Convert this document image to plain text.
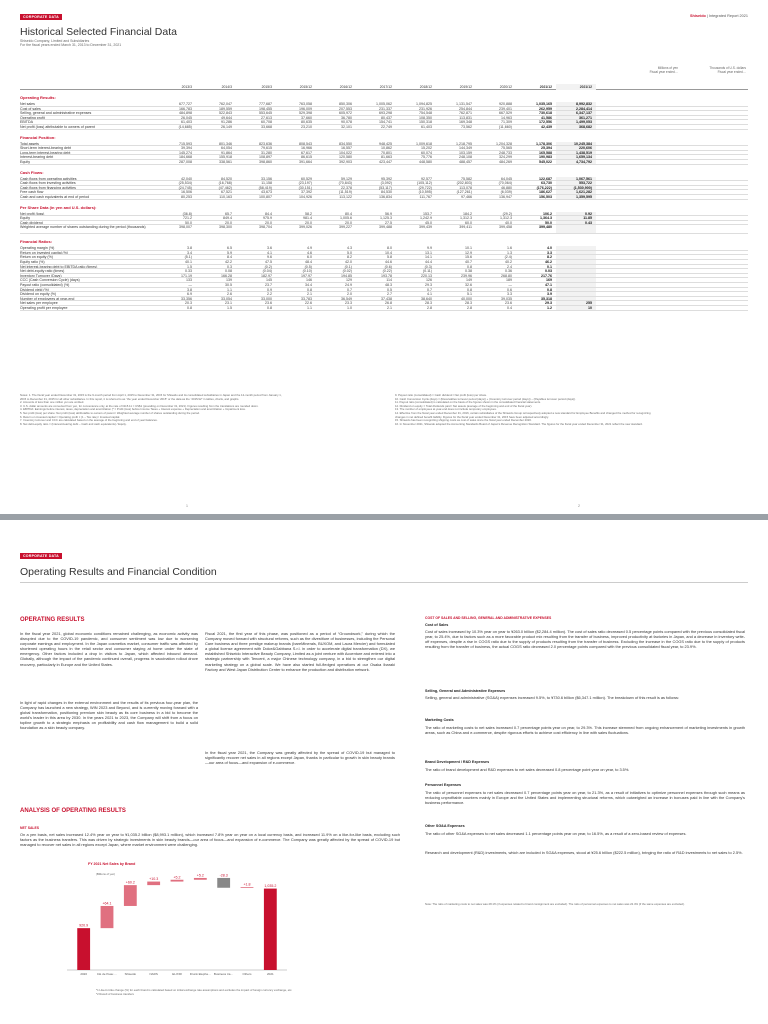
CORPORATE DATA	Shiseido | Integrated Report 2021
Historical Selected Financial Data
Shiseido Company, Limited and Subsidiaries
For the fiscal years ended March 31, 2013 to December 31, 2021
Millions of yen
Fiscal year ended…
Thousands of U.S. dollars
Fiscal year ended…
2013/3	2014/3	2015/3	2015/12	2016/12	2017/12	2018/12	2019/12	2020/12	2021/12	2021/12
Operating Results:
Net sales	677,727	762,047	777,687	763,058	850,306	1,005,062	1,094,825	1,131,547	920,888	1,035,165	8,992,832
Cost of sales	166,783	189,559	198,455	196,009	207,553	231,337	231,926	254,844	239,401	262,959	2,284,414
Selling, general and administrative expenses	484,898	522,843	553,645	529,398	605,972	693,298	754,548	762,871	667,529	730,618	6,347,137
Operating profit	26,045	49,644	27,613	37,660	36,780	80,437	108,350	113,831	14,963	41,586	361,271
EBITDA	61,403	91,286	60,708	80,635	90,078	154,741	150,318	169,348	71,309	172,556	1,499,053
Net profit (loss) attributable to owners of parent	(14,685)	26,149	33,668	23,210	32,101	22,749	61,403	73,562	(11,660)	42,439	368,682
Financial Position:
Total assets	715,593	801,346	823,636	808,543	834,550	948,425	1,009,618	1,218,795	1,204,328	1,178,306	10,245,384
Short-term interest-bearing debt	39,394	64,054	79,615	16,966	16,557	10,862	15,202	144,349	75,565	25,394	220,606
Long-term interest-bearing debt	145,274	91,864	31,280	67,617	104,022	70,801	60,074	103,159	248,733	165,588	1,438,519
Interest-bearing debt	184,668	155,918	108,897	86,615	120,580	81,663	75,776	248,108	324,299	190,983	1,659,134
Equity	287,008	338,561	398,860	391,664	392,903	423,447	448,580	488,457	484,269	545,022	4,734,792
Cash Flows:
Cash flows from operating activities	42,040	84,520	33,156	60,529	59,129	95,392	92,577	75,582	64,045	122,687	1,067,561
Cash flows from investing activities	(25,534)	(16,768)	11,158	(23,197)	(70,843)	(3,092)	(105,112)	(202,803)	(70,064)	63,730	553,722
Cash flows from financing activities	(24,745)	(47,462)	(58,419)	(30,151)	22,378	(53,117)	(29,722)	113,078	46,880	(176,222)	(1,530,900)
Free cash flow	16,506	67,521	43,673	37,392	(11,519)	84,530	(10,595)	(127,261)	(6,039)	186,627	1,621,282
Cash and cash equivalents at end of period	80,253	110,163	100,807	104,926	113,122	136,834	111,767	97,466	136,947	156,503	1,359,595
Per Share Data (in yen and U.S. dollars):
Net profit (loss)	(36.8)	65.7	84.4	58.2	80.4	56.9	153.7	184.2	(29.2)	106.2	0.92
Equity	721.2	849.4	975.9	981.4	1,005.6	1,125.3	1,242.9	1,312.3	1,312.3	1,364.3	11.85
Cash dividend	50.0	20.0	20.0	20.0	20.0	27.5	45.0	60.0	40.0	50.0	0.43
Weighted average number of shares outstanding during the period (thousands)	398,007	398,300	398,704	399,026	399,227	399,488	399,439	399,411	399,458	399,480
Financial Ratios:
Operating margin (%)	3.8	6.5	3.6	4.9	4.3	8.0	9.9	10.1	1.6	4.0
Return on invested capital (%)	3.4	5.9	4.1	4.6	5.0	10.4	13.1	12.9	1.3	3.3
Return on equity (%)	(5.1)	8.4	9.6	6.0	8.2	5.8	14.1	15.6	(2.4)	8.2
Equity ratio (%)	40.1	42.2	47.5	48.4	42.0	44.6	44.4	40.7	40.2	46.2
Net interest-bearing debt to EBITDA ratio (times)	1.5	0.3	(0.2)	(0.5)	(0.1)	(0.6)	(0.3)	0.8	2.4	0.1
Net debt-equity ratio (times)	0.33	0.08	(0.04)	(0.10)	(0.02)	(0.22)	(0.11)	0.38	0.36	0.03
Inventory Turnover (Days)	171.19	166.28	182.97	197.97	194.85	193.78	220.13	239.96	268.80	217.76
CCC (Cash Conversion Cycle) (days)	133	139	145	146	129	114	126	149	189	169
Payout ratio (consolidated) (%)	—	30.5	23.7	34.4	24.9	48.3	29.3	32.6	—	47.1
Dividend yield (%)	3.8	1.1	0.9	0.8	0.7	0.5	0.7	0.8	0.6	0.8
Dividend on equity (%)	6.9	2.6	2.2	2.1	2.0	2.7	4.1	5.1	3.3	3.9
Number of employees at year-end	33,356	33,054	33,000	33,783	36,549	37,438	38,640	40,000	39,035	35,318
Net sales per employee	20.3	23.1	23.6	22.6	23.3	26.8	28.3	28.3	23.6	29.3	255
Operating profit per employee	0.8	1.5	0.8	1.1	1.0	2.1	2.8	2.8	0.4	1.2	10
Notes: 1. The fiscal year ended December 31, 2015 is the 9-month period from April 1, 2015 to December 31, 2015 for Shiseido and its consolidated subsidiaries in Japan and the 12-month period from January 1,
2015 to December 31, 2015 for all other subsidiaries. In this report, it is referred to as “the year ended December 2015” or the data as the “2015/12” in tables, charts, and graphs.
2. Amounts of less than one million yen are omitted.
3. U.S. dollar amounts are converted from yen, for convenience only, at the rate of ¥115.11 = US$1 (prevailing on December 31, 2021). Figures resulting from the translations are rounded down.
4. EBITDA: Earnings before interest, taxes, depreciation and amortization (* = Profit (loss) before Income Taxes + Interest expense + Depreciation and amortization + Impairment loss.
5. Net profit (loss) per share: Net profit (loss) attributable to owners of parent / Weighted average number of shares outstanding during the period.
6. Return on invested capital = Operating profit × (1 – Tax rate) / Invested capital.
7. Inventory turnover and CCC are calculated based on the average of the beginning and end of year balances.
8. Net debt-equity ratio = (Interest-bearing debt – Cash and cash equivalents) / Equity.
9. Payout ratio (consolidated) = Cash dividend / Net profit (loss) per share.
10. Cash Conversion Cycle (days) = (Receivables turnover period (days)) + (Inventory turnover period (days)) – (Payables turnover period (days)).
11. Payout ratio (consolidated) is calculated on the basis of the figures shown in the consolidated financial statements.
12. Dividend on equity = Total dividends paid / Net assets (average of the beginning and end of the fiscal year).
13. The number of employees at year-end does not include temporary employees.
14. Effective from the fiscal year ended December 31, 2016, certain subsidiaries of the Shiseido Group retrospectively adopted a new standard for Employee Benefits and changed the method for recognizing
changes in net defined benefit liability. Figures for the fiscal year ended December 31, 2015 have been adjusted accordingly.
15. Shiseido has been recognizing shipping costs as cost of sales since the fiscal year ended December 2020.
16. In November 2021, Shiseido adopted the Accounting Standards Board of Japan’s Revenue Recognition Standard. The figures for the fiscal year ended December 31, 2021 reflect the new standard.
1	2
CORPORATE DATA
Operating Results and Financial Condition
OPERATING RESULTS
In the fiscal year 2021, global economic conditions remained challenging, as economic activity was disrupted due to the COVID-19 pandemic, and consumer sentiment was low due to worsening corporate earnings and employment. In the Japan cosmetics market, consumer traffic was affected by shortened operating hours in the retail sector and consumer staying at home under the state of emergency. Other factors included a drop in visitors to Japan, which affected inbound demand. Globally, although the impact of the pandemic continued overall, progress in vaccination rollout drove recovery, particularly in Europe and the United States.
In light of rapid changes in the external environment and the results of its previous four-year plan, the Company has launched a new strategy, WIN 2023 and Beyond, and is currently moving forward with a global transformation, positioning premium skin beauty as its core business in a bid to become the world's leader in this area by 2030. In the years 2021 to 2023, the Company will shift from a focus on topline growth to a strategic emphasis on profitability and cash flow management to build a solid foundation as a skin beauty company.
Fiscal 2021, the first year of this phase, was positioned as a period of “Groundwork,” during which the Company moved forward with structural reforms, such as the divestiture of businesses, including the Personal Care business and three prestige makeup brands (bareMinerals, BUXOM, and Laura Mercier) and formulated a global license agreement with Dolce&Gabbana S.r.l. in order to accelerate digital transformation (DX), we established Shiseido Interactive Beauty Company, Limited as a joint venture with Accenture and entered into a strategic partnership with Tencent, a major Chinese technology company, in a bid to strengthen our digital marketing strategy on a global scale. We have also started full-fledged operations at our Osaka Ibaraki Factory and West Japan Distribution Center to enhance the production and distribution network.
In the fiscal year 2021, the Company was greatly affected by the spread of COVID-19 but managed to significantly recover net sales in all regions except Japan, thanks in particular to growth in skin beauty brands—our area of focus—and expansion of e-commerce.
ANALYSIS OF OPERATING RESULTS
NET SALES
On a yen basis, net sales increased 12.4% year on year to ¥1,035.2 billion ($8,993.1 million), which increased 7.8% year on year on a local currency basis, and increased 11.9% on a like-for-like basis, excluding such factors as the business transfers. This was driven by strategic investments in skin beauty brands—our area of focus—and expansion of e-commerce. The Company was greatly affected by the spread of COVID-19 but managed to recover net sales in all regions except Japan, where market environment were challenging.
FY 2021 Net Sales by Brand
(Billions of yen)
920.9
2020
+64.1
Clé de Peau …
+60.2
Shiseido
+10.3
NARS
+5.2
ELIXIR
+5.2
Drunk Elepha…
-28.3
Business tra…
+1.8
Others
1,035.2
2021
*1 Like-for-like change (%) for each brand is calculated based on initial exchange rate assumptions and excludes the impact of foreign currency exchange, etc.
*2 Result of business transfers
COST OF SALES AND SELLING, GENERAL AND ADMINISTRATIVE EXPENSES
Cost of Sales
Cost of sales increased by 10.3% year on year to ¥263.0 billion ($2,284.4 million). The cost of sales ratio decreased 0.5 percentage points compared with the previous consolidated fiscal year, to 25.4%, due to factors such as a more favorable product mix resulting from the transfer of business, improved productivity at factories in Japan, and a decrease in inventory write-off expenses, despite a rise in COGS ratio due to the supply of products resulting from the transfer of business. Excluding the increase in the COGS ratio due to the supply of products resulting from the transfer of business, the actual COGS ratio decreased 2.0 percentage points compared with the previous consolidated fiscal year, to 23.9%.
Selling, General and Administrative Expenses
Selling, general and administrative (SG&A) expenses increased 9.5%, to ¥730.6 billion ($6,347.1 million). The breakdown of this result is as follows:
Marketing Costs
The ratio of marketing costs to net sales increased 0.7 percentage points year on year, to 29.3%. This increase stemmed from ongoing enhancement of marketing investments in growth areas, such as China and e-commerce, despite rigorous efforts to achieve cost efficiency in line with sales fluctuations.
Brand Development / R&D Expenses
The ratio of brand development and R&D expenses to net sales decreased 0.8 percentage point year on year, to 3.5%.
Personnel Expenses
The ratio of personnel expenses to net sales decreased 0.7 percentage points year on year, to 21.3%, as a result of initiatives to optimize personnel expenses through such means as reducing unprofitable counters mainly in Europe and the United States and implementing structural reforms, which outweighed an increase in bonuses paid in line with the Company's business performance.
Other SG&A Expenses
The ratio of other SG&A expenses to net sales decreased 1.1 percentage points year on year, to 16.5%, as a result of a zero-based review of expenses.
Research and development (R&D) investments, which are included in SG&A expenses, stood at ¥25.6 billion ($222.5 million), bringing the ratio of R&D investments to net sales to 2.5%.
Note: The ratio of marketing costs to net sales was 28.1% (if expenses related to brand consignment are excluded). The ratio of personnel expenses to net sales was 22.4% (if the same expenses are excluded).
